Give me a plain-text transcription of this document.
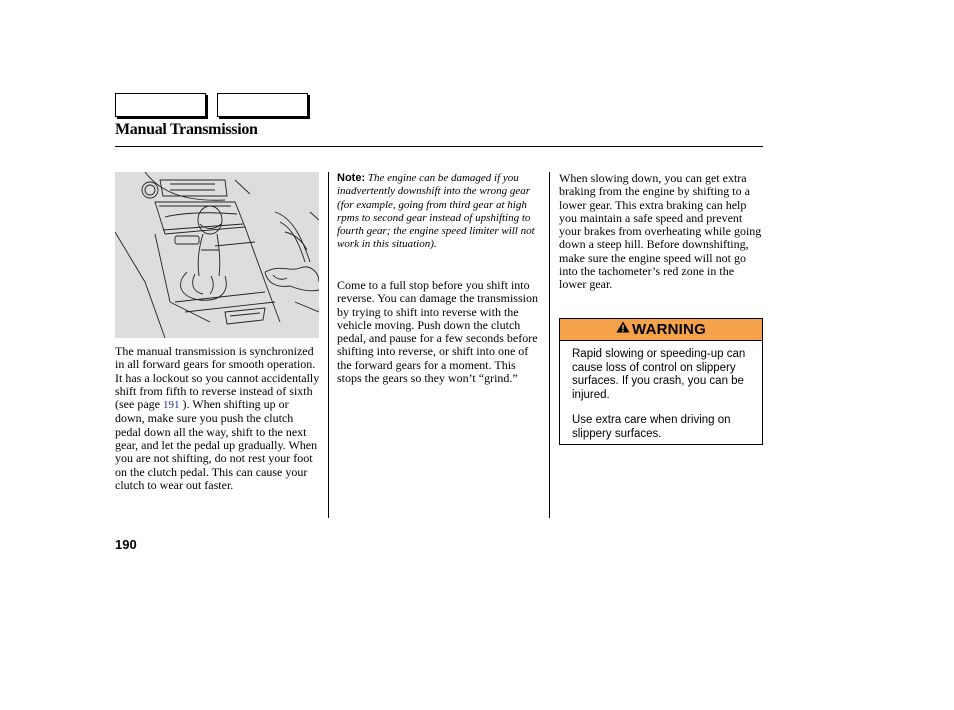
Manual Transmission

The manual transmission is synchronized in all forward gears for smooth operation. It has a lockout so you cannot accidentally shift from fifth to reverse instead of sixth (see page 191 ). When shifting up or down, make sure you push the clutch pedal down all the way, shift to the next gear, and let the pedal up gradually. When you are not shifting, do not rest your foot on the clutch pedal. This can cause your clutch to wear out faster.

Note: The engine can be damaged if you inadvertently downshift into the wrong gear (for example, going from third gear at high rpms to second gear instead of upshifting to fourth gear; the engine speed limiter will not work in this situation).

Come to a full stop before you shift into reverse. You can damage the transmission by trying to shift into reverse with the vehicle moving. Push down the clutch pedal, and pause for a few seconds before shifting into reverse, or shift into one of the forward gears for a moment. This stops the gears so they won’t “grind.”

When slowing down, you can get extra braking from the engine by shifting to a lower gear. This extra braking can help you maintain a safe speed and prevent your brakes from overheating while going down a steep hill. Before downshifting, make sure the engine speed will not go into the tachometer’s red zone in the lower gear.

WARNING

Rapid slowing or speeding-up can cause loss of control on slippery surfaces. If you crash, you can be injured.

Use extra care when driving on slippery surfaces.

190
